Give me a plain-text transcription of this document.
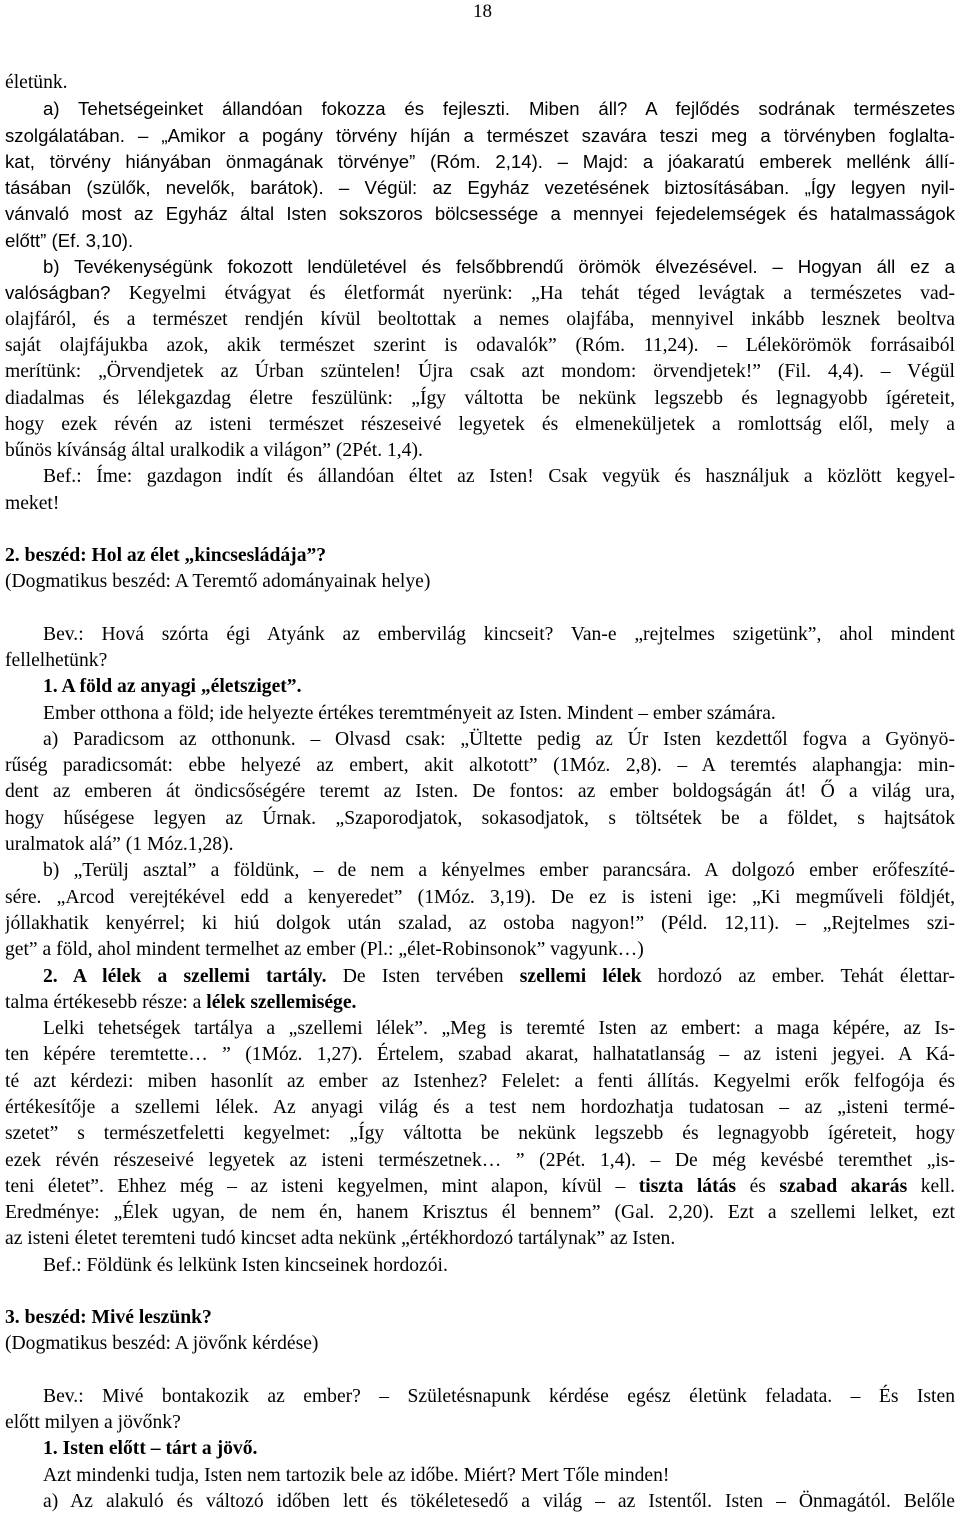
18
életünk.
a) Tehetségeinket állandóan fokozza és fejleszti. Miben áll? A fejlődés sodrának természetes
szolgálatában. – „Amikor a pogány törvény híján a természet szavára teszi meg a törvényben foglalta-
kat, törvény hiányában önmagának törvénye” (Róm. 2,14). – Majd: a jóakaratú emberek mellénk állí-
tásában (szülők, nevelők, barátok). – Végül: az Egyház vezetésének biztosításában. „Így legyen nyil-
vánvaló most az Egyház által Isten sokszoros bölcsessége a mennyei fejedelemségek és hatalmasságok
előtt” (Ef. 3,10).
b) Tevékenységünk fokozott lendületével és felsőbbrendű örömök élvezésével. – Hogyan áll ez a
valóságban? Kegyelmi étvágyat és életformát nyerünk: „Ha tehát téged levágtak a természetes vad-
olajfáról, és a természet rendjén kívül beoltottak a nemes olajfába, mennyivel inkább lesznek beoltva
saját olajfájukba azok, akik természet szerint is odavalók” (Róm. 11,24). – Lélekörömök forrásaiból
merítünk: „Örvendjetek az Úrban szüntelen! Újra csak azt mondom: örvendjetek!” (Fil. 4,4). – Végül
diadalmas és lélekgazdag életre feszülünk: „Így váltotta be nekünk legszebb és legnagyobb ígéreteit,
hogy ezek révén az isteni természet részeseivé legyetek és elmeneküljetek a romlottság elől, mely a
bűnös kívánság által uralkodik a világon” (2Pét. 1,4).
Bef.: Íme: gazdagon indít és állandóan éltet az Isten! Csak vegyük és használjuk a közlött kegyel-
meket!
2. beszéd: Hol az élet „kincsesládája”?
(Dogmatikus beszéd: A Teremtő adományainak helye)
Bev.: Hová szórta égi Atyánk az embervilág kincseit? Van-e „rejtelmes szigetünk”, ahol mindent
fellelhetünk?
1. A föld az anyagi „életsziget”.
Ember otthona a föld; ide helyezte értékes teremtményeit az Isten. Mindent – ember számára.
a) Paradicsom az otthonunk. – Olvasd csak: „Ültette pedig az Úr Isten kezdettől fogva a Gyönyö-
rűség paradicsomát: ebbe helyezé az embert, akit alkotott” (1Móz. 2,8). – A teremtés alaphangja: min-
dent az emberen át öndicsőségére teremt az Isten. De fontos: az ember boldogságán át! Ő a világ ura,
hogy hűségese legyen az Úrnak. „Szaporodjatok, sokasodjatok, s töltsétek be a földet, s hajtsátok
uralmatok alá” (1 Móz.1,28).
b) „Terülj asztal” a földünk, – de nem a kényelmes ember parancsára. A dolgozó ember erőfeszíté-
sére. „Arcod verejtékével edd a kenyeredet” (1Móz. 3,19). De ez is isteni ige: „Ki megműveli földjét,
jóllakhatik kenyérrel; ki hiú dolgok után szalad, az ostoba nagyon!” (Péld. 12,11). – „Rejtelmes szi-
get” a föld, ahol mindent termelhet az ember (Pl.: „élet-Robinsonok” vagyunk…)
2. A lélek a szellemi tartály. De Isten tervében szellemi lélek hordozó az ember. Tehát élettar-
talma értékesebb része: a lélek szellemisége.
Lelki tehetségek tartálya a „szellemi lélek”. „Meg is teremté Isten az embert: a maga képére, az Is-
ten képére teremtette… ” (1Móz. 1,27). Értelem, szabad akarat, halhatatlanság – az isteni jegyei. A Ká-
té azt kérdezi: miben hasonlít az ember az Istenhez? Felelet: a fenti állítás. Kegyelmi erők felfogója és
értékesítője a szellemi lélek. Az anyagi világ és a test nem hordozhatja tudatosan – az „isteni termé-
szetet” s természetfeletti kegyelmet: „Így váltotta be nekünk legszebb és legnagyobb ígéreteit, hogy
ezek révén részeseivé legyetek az isteni természetnek… ” (2Pét. 1,4). – De még kevésbé teremthet „is-
teni életet”. Ehhez még – az isteni kegyelmen, mint alapon, kívül – tiszta látás és szabad akarás kell.
Eredménye: „Élek ugyan, de nem én, hanem Krisztus él bennem” (Gal. 2,20). Ezt a szellemi lelket, ezt
az isteni életet teremteni tudó kincset adta nekünk „értékhordozó tartálynak” az Isten.
Bef.: Földünk és lelkünk Isten kincseinek hordozói.
3. beszéd: Mivé leszünk?
(Dogmatikus beszéd: A jövőnk kérdése)
Bev.: Mivé bontakozik az ember? – Születésnapunk kérdése egész életünk feladata. – És Isten
előtt milyen a jövőnk?
1. Isten előtt – tárt a jövő.
Azt mindenki tudja, Isten nem tartozik bele az időbe. Miért? Mert Tőle minden!
a) Az alakuló és változó időben lett és tökéletesedő a világ – az Istentől. Isten – Önmagától. Belőle
